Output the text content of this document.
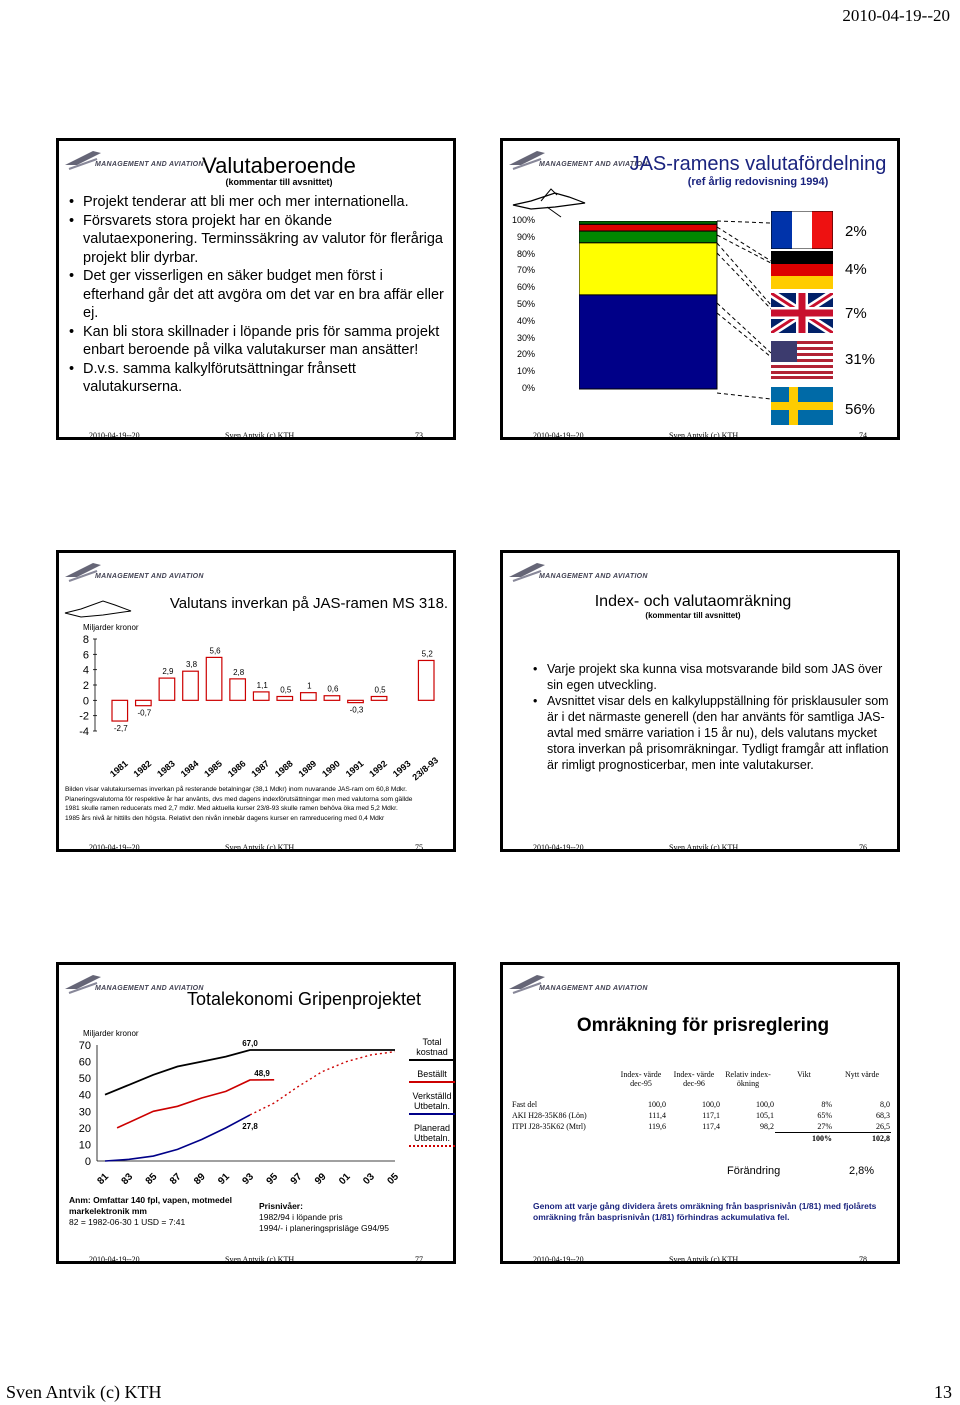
2010-04-19--20
MANAGEMENT AND AVIATION
Valutaberoende
(kommentar till avsnittet)
• Projekt tenderar att bli mer och mer internationella.
• Försvarets stora projekt har en ökande valutaexponering. Terminssäkring av valutor för fleråriga projekt blir dyrbar.
• Det ger visserligen en säker budget men först i efterhand går det att avgöra om det var en bra affär eller ej.
• Kan bli stora skillnader i löpande pris för samma projekt enbart beroende på vilka valutakurser man ansätter!
• D.v.s. samma kalkylförutsättningar frånsett valutakurserna.
2010-04-19--20	Sven Antvik (c) KTH	73
MANAGEMENT AND AVIATION
JAS-ramens valutafördelning
(ref årlig redovisning 1994)
2%
4%
7%
31%
56%
2010-04-19--20	Sven Antvik (c) KTH	74
100%
90%
80%
70%
60%
50%
40%
30%
20%
10%
0%
MANAGEMENT AND AVIATION
Valutans inverkan på JAS-ramen MS 318.
Miljarder kronor
8
6
4
2
0
-2
-4	-2,7
1981
-0,7
1982
2,9
1983
3,8
1984
5,6
1985
2,8
1986
1,1
1987
0,5
1988
1
1989
0,6
1990
-0,3
1991
0,5
1992 1993
5,2
23/8-93
Bilden visar valutakursernas inverkan på resterande betalningar (38,1 Mdkr) inom nuvarande JAS-ram om 60,8 Mdkr.
Planeringsvalutorna för respektive år har använts, dvs med dagens indexförutsättningar men med valutorna som gällde
1981 skulle ramen reducerats med 2,7 mdkr. Med aktuella kurser 23/8-93 skulle ramen behöva öka med 5,2 Mdkr.
1985 års nivå är hittills den högsta. Relativt den nivån innebär dagens kurser en ramreducering med 0,4 Mdkr
2010-04-19--20	Sven Antvik (c) KTH	75
MANAGEMENT AND AVIATION
Index- och valutaomräkning
(kommentar till avsnittet)
• Varje projekt ska kunna visa motsvarande bild som JAS över sin egen utveckling.
• Avsnittet visar dels en kalkyluppställning för prisklausuler som är i det närmaste generell (den har använts för samtliga JAS-avtal med smärre variation i 15 år nu), dels valutans mycket stora inverkan på prisomräkningar. Tydligt framgår att inflation är rimligt prognosticerbar, men inte valutakurser.
2010-04-19--20	Sven Antvik (c) KTH	76
MANAGEMENT AND AVIATION
Totalekonomi Gripenprojektet
Miljarder kronor
70
60
50
40
30
20
10
0
81 83 85 87 89 91 93 95 97 99 01 03 05
67,0
48,9
27,8
Total kostnad
Beställt
Verkställd Utbetaln.
Planerad Utbetaln.
Anm: Omfattar 140 fpl, vapen, motmedel markelektronik mm
82 = 1982-06-30 1 USD = 7:41
Prisnivåer:
1982/94 i löpande pris
1994/- i planeringsprisläge G94/95
2010-04-19--20	Sven Antvik (c) KTH	77
MANAGEMENT AND AVIATION
Omräkning för prisreglering
	Index- värde dec-95	Index- värde dec-96	Relativ index- ökning	Vikt	Nytt värde

Fast del	100,0	100,0	100,0	8%	8,0
AKI H28-35K86 (Lön)	111,4	117,1	105,1	65%	68,3
ITPI J28-35K62 (Mtrl)	119,6	117,4	98,2	27%	26,5
				100%	102,8
Förändring	2,8%
Genom att varje gång dividera årets omräkning från basprisnivån (1/81) med fjolårets omräkning från basprisnivån (1/81) förhindras ackumulativa fel.
2010-04-19--20	Sven Antvik (c) KTH	78
Sven Antvik (c) KTH	13
